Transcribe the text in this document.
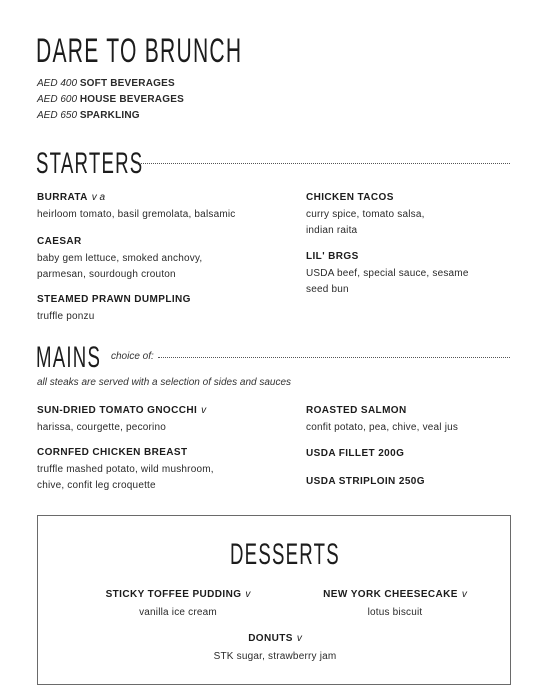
DARE TO BRUNCH
AED 400 SOFT BEVERAGES
AED 600 HOUSE BEVERAGES
AED 650 SPARKLING
STARTERS
BURRATA v a
heirloom tomato, basil gremolata, balsamic
CAESAR
baby gem lettuce, smoked anchovy,
parmesan, sourdough crouton
STEAMED PRAWN DUMPLING
truffle ponzu
CHICKEN TACOS
curry spice, tomato salsa,
indian raita
LIL' BRGS
USDA beef, special sauce, sesame
seed bun
MAINS choice of:
all steaks are served with a selection of sides and sauces
SUN-DRIED TOMATO GNOCCHI v
harissa, courgette, pecorino
CORNFED CHICKEN BREAST
truffle mashed potato, wild mushroom,
chive, confit leg croquette
ROASTED SALMON
confit potato, pea, chive, veal jus
USDA FILLET 200G
USDA STRIPLOIN 250G
DESSERTS
STICKY TOFFEE PUDDING v
vanilla ice cream
NEW YORK CHEESECAKE v
lotus biscuit
DONUTS v
STK sugar, strawberry jam
